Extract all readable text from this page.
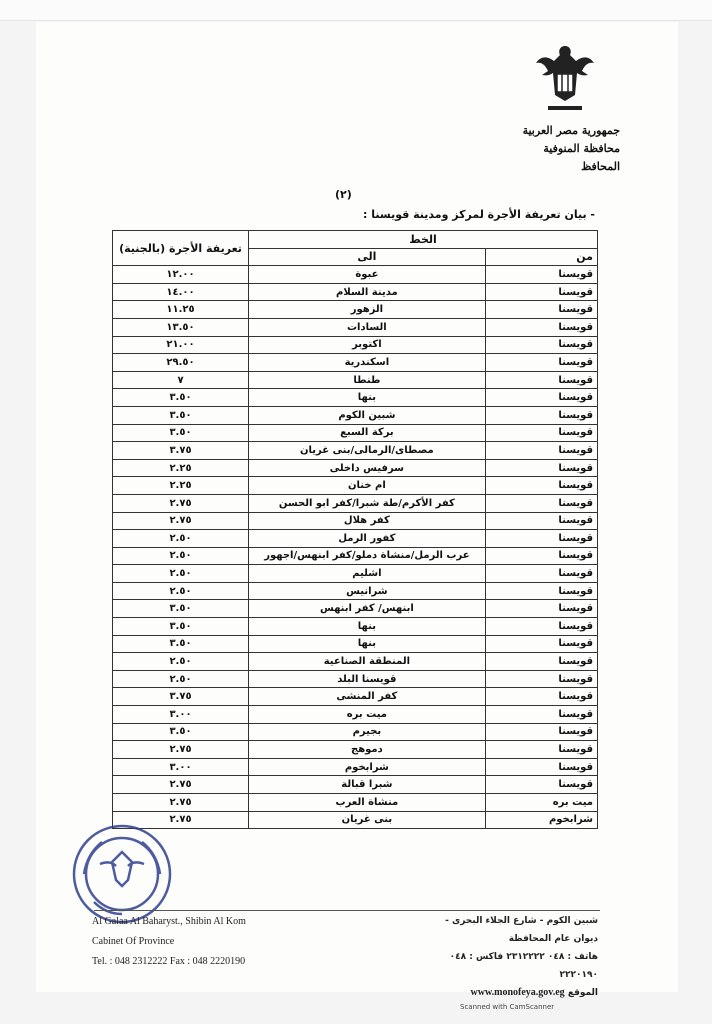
جمهورية مصر العربية
محافظة المنوفية
المحافظ
(٢)
- بيان تعريفة الأجرة لمركز ومدينة قويسنا :
الخط		تعريفة الأجرة (بالجنية)
من	الى	
قويسنا	عبوة	١٢.٠٠
قويسنا	مدينة السلام	١٤.٠٠
قويسنا	الزهور	١١.٢٥
قويسنا	السادات	١٣.٥٠
قويسنا	اكتوبر	٢١.٠٠
قويسنا	اسكندرية	٢٩.٥٠
قويسنا	طنطا	٧
قويسنا	بنها	٣.٥٠
قويسنا	شبين الكوم	٣.٥٠
قويسنا	بركة السبع	٣.٥٠
قويسنا	مصطاى/الرمالى/بنى غريان	٣.٧٥
قويسنا	سرفيس داخلى	٢.٢٥
قويسنا	ام خنان	٢.٢٥
قويسنا	كفر الأكرم/طة شبرا/كفر ابو الحسن	٢.٧٥
قويسنا	كفر هلال	٢.٧٥
قويسنا	كفور الرمل	٢.٥٠
قويسنا	عرب الرمل/منشاة دملو/كفر ابنهس/اجهور	٢.٥٠
قويسنا	اشليم	٢.٥٠
قويسنا	شرانيس	٢.٥٠
قويسنا	ابنهس/ كفر ابنهس	٣.٥٠
قويسنا	بنها	٣.٥٠
قويسنا	بنها	٣.٥٠
قويسنا	المنطقة الصناعية	٢.٥٠
قويسنا	قويسنا البلد	٢.٥٠
قويسنا	كفر المنشى	٣.٧٥
قويسنا	ميت بره	٣.٠٠
قويسنا	بجيرم	٣.٥٠
قويسنا	دموهج	٢.٧٥
قويسنا	شرابخوم	٣.٠٠
قويسنا	شبرا قبالة	٢.٧٥
ميت بره	منشاة العرب	٢.٧٥
شرابخوم	بنى غريان	٢.٧٥
Al Galaa Al Baharyst., Shibin Al Kom
Cabinet Of Province
Tel. : 048 2312222 Fax : 048 2220190
شبين الكوم - شارع الجلاء البحرى - ديوان عام المحافظة
هاتف : ٠٤٨ ٢٣١٢٢٢٢ فاكس : ٠٤٨ ٢٢٢٠١٩٠
الموقع www.monofeya.gov.eg
Scanned with CamScanner
